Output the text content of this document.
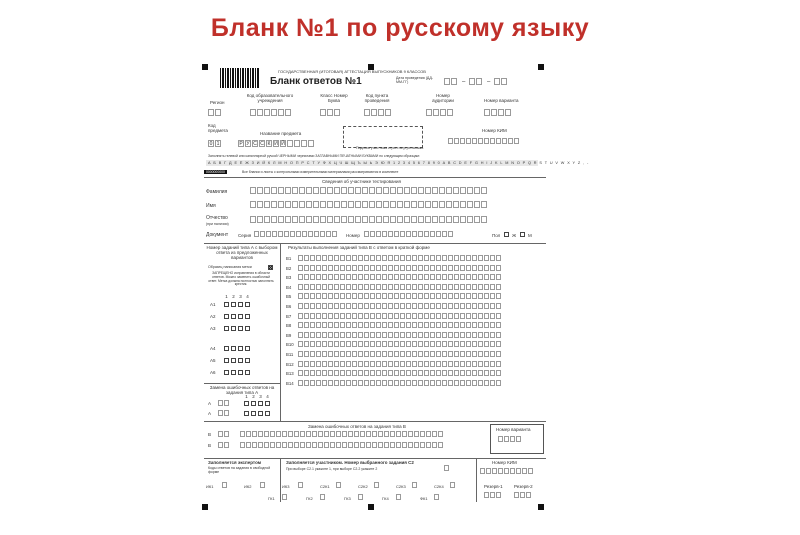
Бланк №1 по русскому языку
ГОСУДАРСТВЕННАЯ (ИТОГОВАЯ) АТТЕСТАЦИЯ ВЫПУСКНИКОВ 9 КЛАССОВ
Бланк ответов №1	Дата проведения (ДД-ММ-ГГ)	–	–
Регион
Код образовательного учреждения
Класс Номер Буква
Код пункта проведения
Номер аудитории	Номер варианта
Код предмета
Название предмета
0 1	Р У С С К И Й
Подпись участника строго внутри окошка
Номер КИМ
Заполнять гелевой или капиллярной ручкой ЧЕРНЫМИ чернилами ЗАГЛАВНЫМИ ПЕЧАТНЫМИ БУКВАМИ по следующим образцам:
А Б В Г Д Е Ё Ж З И Й К Л М Н О П Р С Т У Ф Х Ц Ч Ш Щ Ъ Ы Ь Э Ю Я 1 2 3 4 5 6 7 8 9 0 A B C D E F G H I J K L M N O P Q R S T U V W X Y Z , -
0000000000	Все бланки и листы с контрольными измерительными материалами рассматриваются в комплекте
Сведения об участнике тестирования
Фамилия
Имя
Отчество
(при наличии)
Документ Серия	Номер	Пол	Ж	М
Номер заданий типа А с выбором ответа из предложенных вариантов
Образец написания метки
ЗАПРЕЩЕНО исправления в области ответов. Можно заменить ошибочный ответ. Метка должна полностью заполнять крестик.
1 2 3 4
А1
А2
А3
А4
А5
А6
Результаты выполнения заданий типа В с ответом в краткой форме
В1
В2
В3
В4
В5
В6
В7
В8
В9
В10
В11
В12
В13
В14
Замена ошибочных ответов на задания типа А
1 2 3 4
А
А
Замена ошибочных ответов на задания типа В
В
В
Номер варианта
Заполняется экспертом
Коды ответов на задания в свободной форме
Заполняется участником. Номер выбранного задания С2
При выборе С2.1 укажите 1, при выборе С2.2 укажите 2
Номер КИМ
ИК1	ИК2	ИК3	С2К1	С2К2	С2К3	С2К4
ГК1	ГК2	ГК3	ГК4	ФК1
Резерв-1	Резерв-2
